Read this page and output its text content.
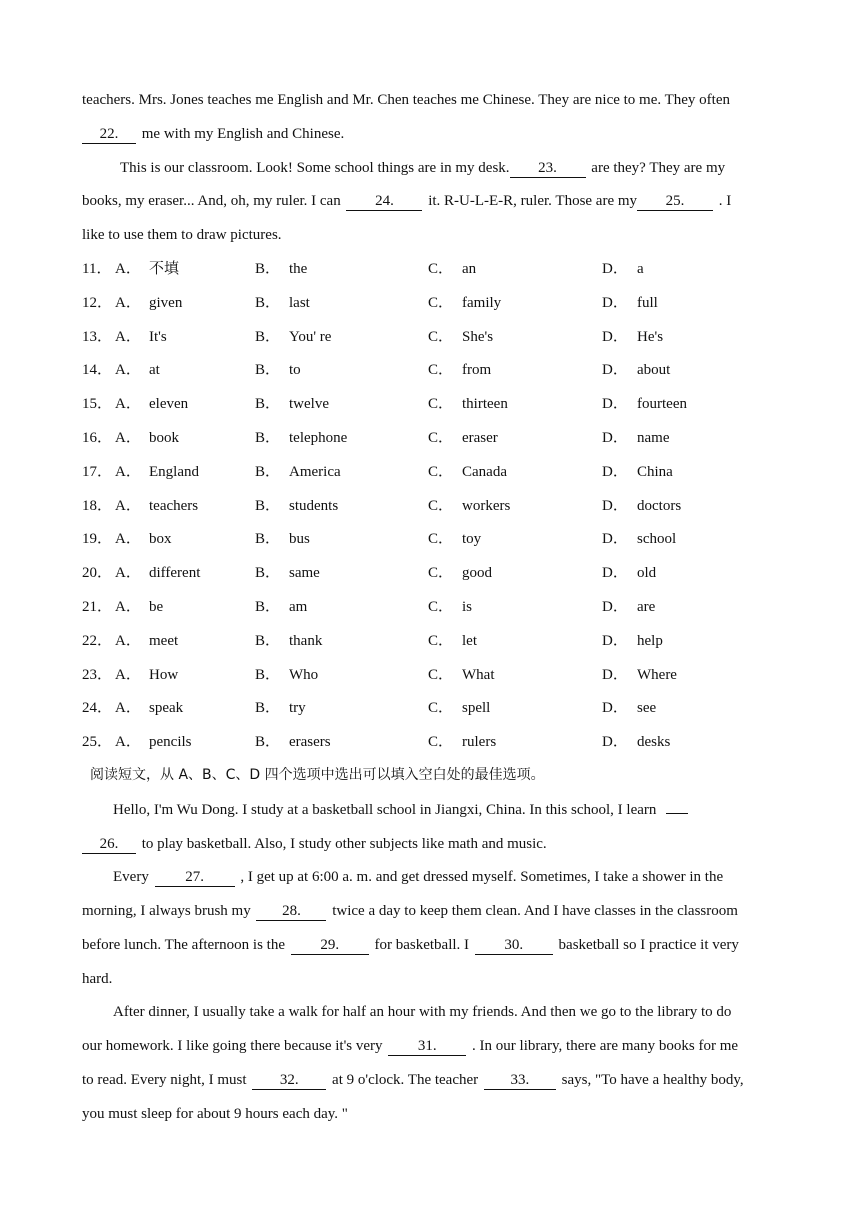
teachers. Mrs. Jones teaches me English and Mr. Chen teaches me Chinese. They are nice to me. They often
22. me with my English and Chinese.
This is our classroom. Look! Some school things are in my desk. 23. are they? They are my
books, my eraser... And, oh, my ruler. I can 24. it. R-U-L-E-R, ruler. Those are my 25. . I
like to use them to draw pictures.
11． A． 不填	B． the	C． an	D． a
12． A． given	B． last	C． family	D． full
13． A． It's	B． You' re	C． She's	D． He's
14． A． at	B． to	C． from	D． about
15． A． eleven	B． twelve	C． thirteen	D． fourteen
16． A． book	B． telephone	C． eraser	D． name
17． A． England	B． America	C． Canada	D． China
18． A． teachers	B． students	C． workers	D． doctors
19． A． box	B． bus	C． toy	D． school
20． A． different	B． same	C． good	D． old
21． A． be	B． am	C． is	D． are
22． A． meet	B． thank	C． let	D． help
23． A． How	B． Who	C． What	D． Where
24． A． speak	B． try	C． spell	D． see
25． A． pencils	B． erasers	C． rulers	D． desks
阅读短文，从 A、B、C、D 四个选项中选出可以填入空白处的最佳选项。
Hello, I'm Wu Dong. I study at a basketball school in Jiangxi, China. In this school, I learn
26. to play basketball. Also, I study other subjects like math and music.
Every 27. , I get up at 6:00 a. m. and get dressed myself. Sometimes, I take a shower in the
morning, I always brush my 28. twice a day to keep them clean. And I have classes in the classroom
before lunch. The afternoon is the 29. for basketball. I 30. basketball so I practice it very
hard.
After dinner, I usually take a walk for half an hour with my friends. And then we go to the library to do
our homework. I like going there because it's very 31. . In our library, there are many books for me
to read. Every night, I must 32. at 9 o'clock. The teacher 33. says, "To have a healthy body,
you must sleep for about 9 hours each day. "
